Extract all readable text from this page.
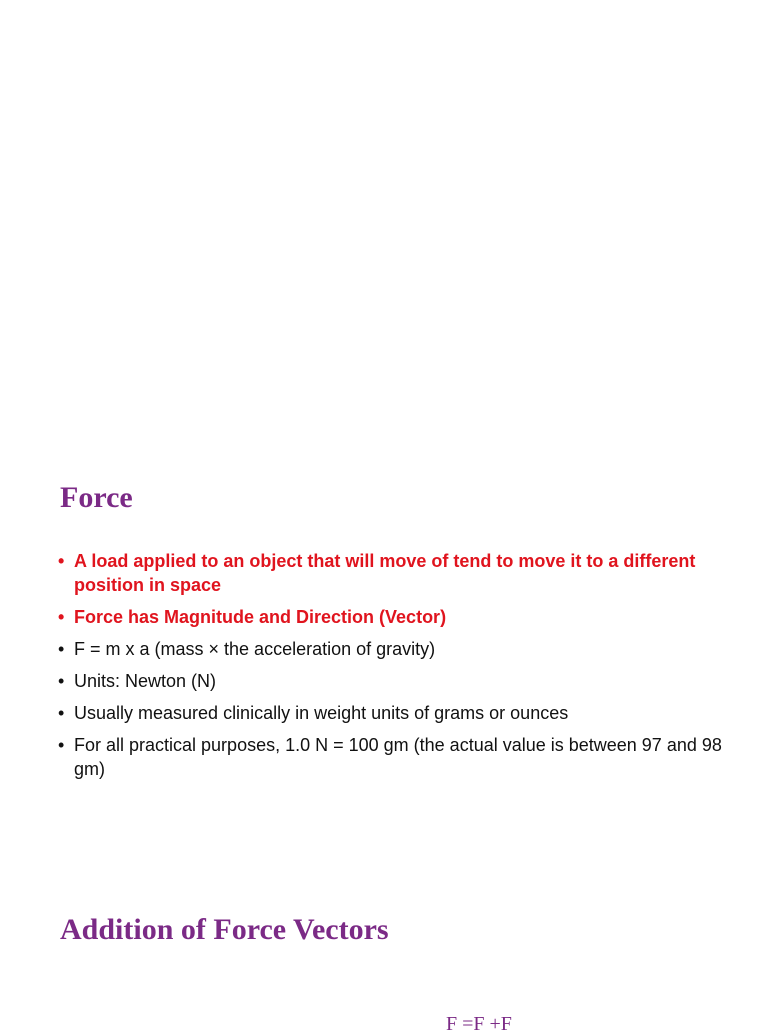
Force
• A load applied to an object that will move of tend to move it to a different position in space
• Force has Magnitude and Direction (Vector)
• F = m x a (mass × the acceleration of gravity)
• Units: Newton (N)
• Usually measured clinically in weight units of grams or ounces
• For all practical purposes, 1.0 N = 100 gm (the actual value is between 97 and 98 gm)
Addition of Force Vectors
F =F +F
